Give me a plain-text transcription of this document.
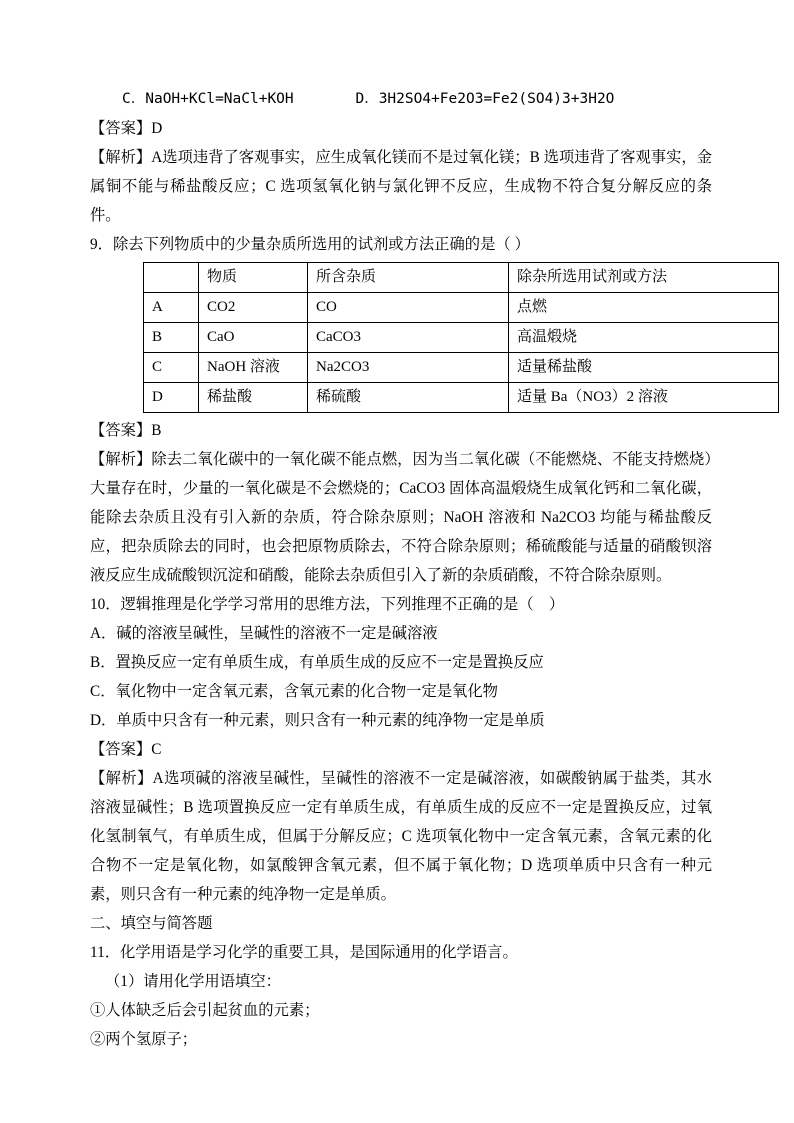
C．NaOH+KCl=NaCl+KOH	D．3H2SO4+Fe2O3=Fe2(SO4)3+3H2O

【答案】D

【解析】A选项违背了客观事实，应生成氧化镁而不是过氧化镁；B 选项违背了客观事实，金属铜不能与稀盐酸反应；C 选项氢氧化钠与氯化钾不反应，生成物不符合复分解反应的条件。

9．除去下列物质中的少量杂质所选用的试剂或方法正确的是（ ）

	物质	所含杂质	除杂所选用试剂或方法
A	CO2	CO	点燃
B	CaO	CaCO3	高温煅烧
C	NaOH 溶液	Na2CO3	适量稀盐酸
D	稀盐酸	稀硫酸	适量 Ba（NO3）2 溶液

【答案】B

【解析】除去二氧化碳中的一氧化碳不能点燃，因为当二氧化碳（不能燃烧、不能支持燃烧）大量存在时，少量的一氧化碳是不会燃烧的；CaCO3 固体高温煅烧生成氧化钙和二氧化碳，能除去杂质且没有引入新的杂质，符合除杂原则；NaOH 溶液和 Na2CO3 均能与稀盐酸反应，把杂质除去的同时，也会把原物质除去，不符合除杂原则；稀硫酸能与适量的硝酸钡溶液反应生成硫酸钡沉淀和硝酸，能除去杂质但引入了新的杂质硝酸，不符合除杂原则。

10．逻辑推理是化学学习常用的思维方法，下列推理不正确的是（　）

A．碱的溶液呈碱性，呈碱性的溶液不一定是碱溶液

B．置换反应一定有单质生成，有单质生成的反应不一定是置换反应

C．氧化物中一定含氧元素，含氧元素的化合物一定是氧化物

D．单质中只含有一种元素，则只含有一种元素的纯净物一定是单质

【答案】C

【解析】A选项碱的溶液呈碱性，呈碱性的溶液不一定是碱溶液，如碳酸钠属于盐类，其水溶液显碱性；B 选项置换反应一定有单质生成，有单质生成的反应不一定是置换反应，过氧化氢制氧气，有单质生成，但属于分解反应；C 选项氧化物中一定含氧元素，含氧元素的化合物不一定是氧化物，如氯酸钾含氧元素，但不属于氧化物；D 选项单质中只含有一种元素，则只含有一种元素的纯净物一定是单质。

二、填空与简答题

11．化学用语是学习化学的重要工具，是国际通用的化学语言。

（1）请用化学用语填空：

①人体缺乏后会引起贫血的元素；

②两个氢原子；
